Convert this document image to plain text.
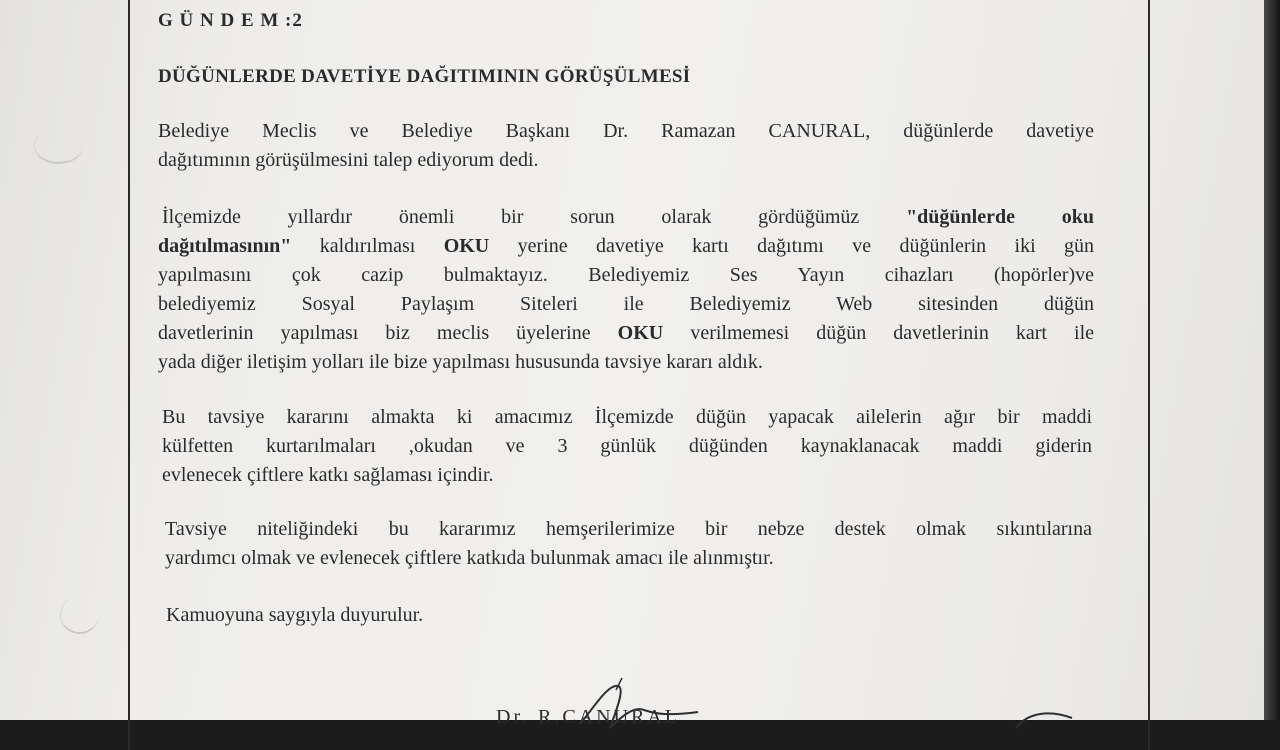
G Ü N D E M :2
DÜĞÜNLERDE DAVETİYE DAĞITIMININ GÖRÜŞÜLMESİ
Belediye Meclis ve Belediye Başkanı Dr. Ramazan CANURAL, düğünlerde davetiye
dağıtımının görüşülmesini talep ediyorum dedi.
İlçemizde yıllardır önemli bir sorun olarak gördüğümüz "düğünlerde oku
dağıtılmasının" kaldırılması OKU yerine davetiye kartı dağıtımı ve düğünlerin iki gün
yapılmasını çok cazip bulmaktayız. Belediyemiz Ses Yayın cihazları (hopörler)ve
belediyemiz Sosyal Paylaşım Siteleri ile Belediyemiz Web sitesinden düğün
davetlerinin yapılması biz meclis üyelerine OKU verilmemesi düğün davetlerinin kart ile
yada diğer iletişim yolları ile bize yapılması hususunda tavsiye kararı aldık.
Bu tavsiye kararını almakta ki amacımız İlçemizde düğün yapacak ailelerin ağır bir maddi
külfetten kurtarılmaları ,okudan ve 3 günlük düğünden kaynaklanacak maddi giderin
evlenecek çiftlere katkı sağlaması içindir.
Tavsiye niteliğindeki bu kararımız hemşerilerimize bir nebze destek olmak sıkıntılarına
yardımcı olmak ve evlenecek çiftlere katkıda bulunmak amacı ile alınmıştır.
Kamuoyuna saygıyla duyurulur.
Dr. R.CANURAL
